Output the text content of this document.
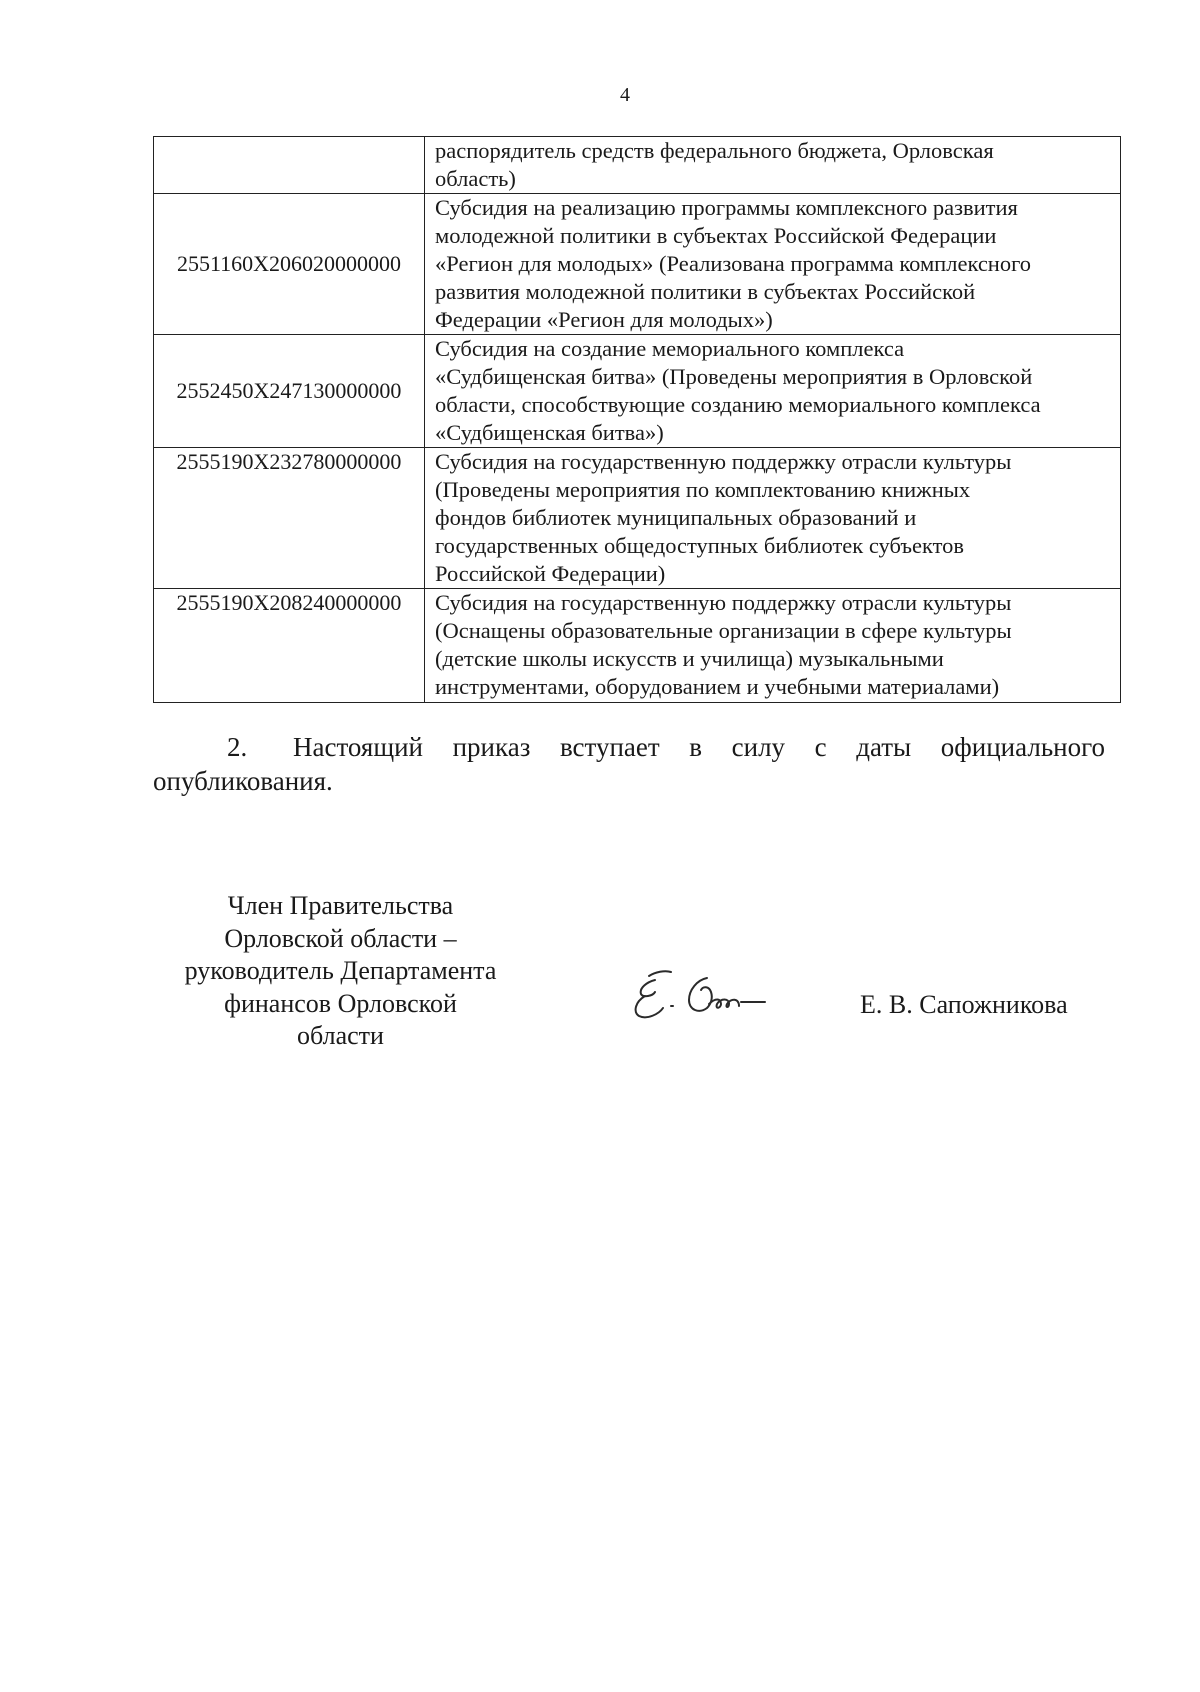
4

	распорядитель средств федерального бюджета, Орловская
область)

2551160X206020000000	Субсидия на реализацию программы комплексного развития
молодежной политики в субъектах Российской Федерации
«Регион для молодых» (Реализована программа комплексного
развития молодежной политики в субъектах Российской
Федерации «Регион для молодых»)

2552450X247130000000	Субсидия на создание мемориального комплекса
«Судбищенская битва» (Проведены мероприятия в Орловской
области, способствующие созданию мемориального комплекса
«Судбищенская битва»)

2555190X232780000000	Субсидия на государственную поддержку отрасли культуры
(Проведены мероприятия по комплектованию книжных
фондов библиотек муниципальных образований и
государственных общедоступных библиотек субъектов
Российской Федерации)

2555190X208240000000	Субсидия на государственную поддержку отрасли культуры
(Оснащены образовательные организации в сфере культуры
(детские школы искусств и училища) музыкальными
инструментами, оборудованием и учебными материалами)
2. Настоящий приказ вступает в силу с даты официального опубликования.
Член Правительства
Орловской области –
руководитель Департамента
финансов Орловской
области
Е. В. Сапожникова
